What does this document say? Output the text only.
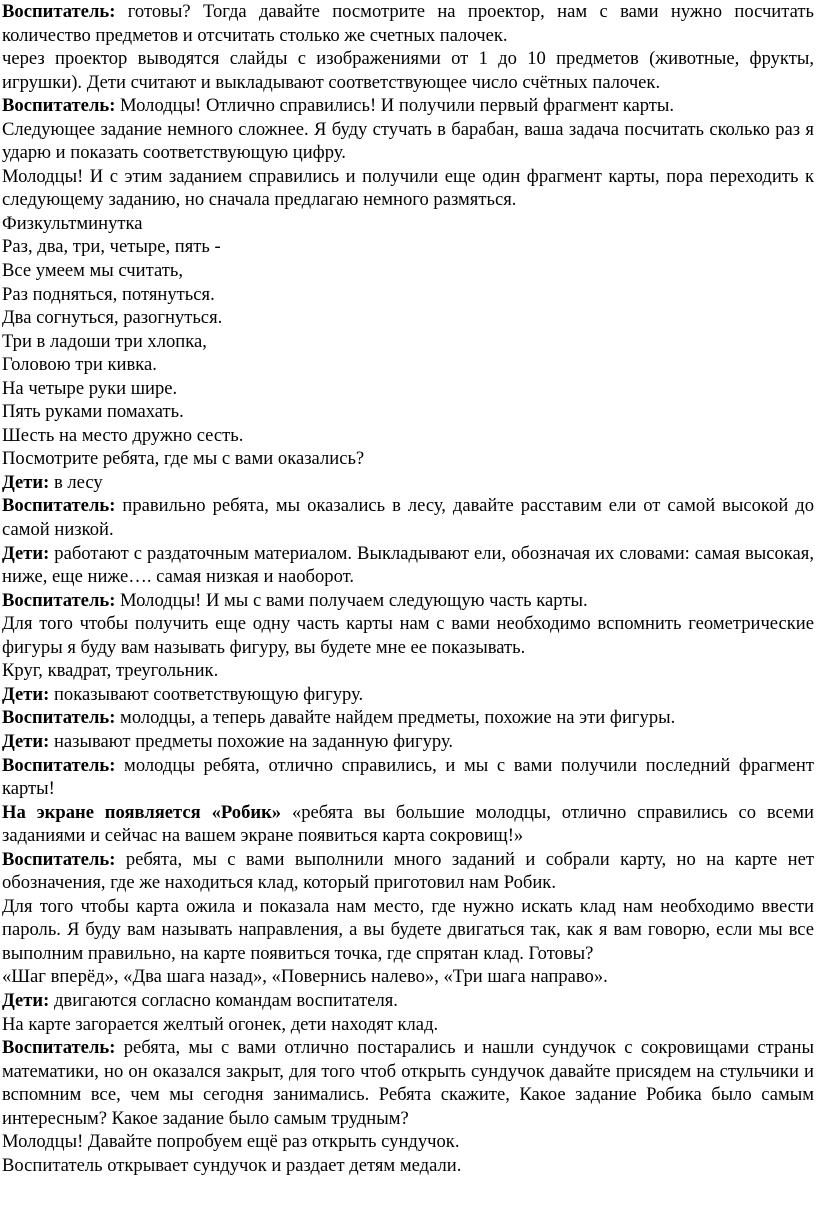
Воспитатель: готовы? Тогда давайте посмотрите на проектор, нам с вами нужно посчитать количество предметов и отсчитать столько же счетных палочек.

через проектор выводятся слайды с изображениями от 1 до 10 предметов (животные, фрукты, игрушки). Дети считают и выкладывают соответствующее число счётных палочек.

Воспитатель: Молодцы! Отлично справились! И получили первый фрагмент карты.

Следующее задание немного сложнее. Я буду стучать в барабан, ваша задача посчитать сколько раз я ударю и показать соответствующую цифру.

Молодцы! И с этим заданием справились и получили еще один фрагмент карты, пора переходить к следующему заданию, но сначала предлагаю немного размяться.

Физкультминутка

Раз, два, три, четыре, пять -

Все умеем мы считать,

Раз подняться, потянуться.

Два согнуться, разогнуться.

Три в ладоши три хлопка,

Головою три кивка.

На четыре руки шире.

Пять руками помахать.

Шесть на место дружно сесть.

Посмотрите ребята, где мы с вами оказались?

Дети: в лесу

Воспитатель: правильно ребята, мы оказались в лесу, давайте расставим ели от самой высокой до самой низкой.

Дети: работают с раздаточным материалом. Выкладывают ели, обозначая их словами: самая высокая, ниже, еще ниже…. самая низкая и наоборот.

Воспитатель: Молодцы! И мы с вами получаем следующую часть карты.

Для того чтобы получить еще одну часть карты нам с вами необходимо вспомнить геометрические фигуры я буду вам называть фигуру, вы будете мне ее показывать.

Круг, квадрат, треугольник.

Дети: показывают соответствующую фигуру.

Воспитатель: молодцы, а теперь давайте найдем предметы, похожие на эти фигуры.

Дети: называют предметы похожие на заданную фигуру.

Воспитатель: молодцы ребята, отлично справились, и мы с вами получили последний фрагмент карты!

На экране появляется «Робик» «ребята вы большие молодцы, отлично справились со всеми заданиями и сейчас на вашем экране появиться карта сокровищ!»

Воспитатель: ребята, мы с вами выполнили много заданий и собрали карту, но на карте нет обозначения, где же находиться клад, который приготовил нам Робик.

Для того чтобы карта ожила и показала нам место, где нужно искать клад нам необходимо ввести пароль. Я буду вам называть направления, а вы будете двигаться так, как я вам говорю, если мы все выполним правильно, на карте появиться точка, где спрятан клад. Готовы?

«Шаг вперёд», «Два шага назад», «Повернись налево», «Три шага направо».

Дети: двигаются согласно командам воспитателя.

На карте загорается желтый огонек, дети находят клад.

Воспитатель: ребята, мы с вами отлично постарались и нашли сундучок с сокровищами страны математики, но он оказался закрыт, для того чтоб открыть сундучок давайте присядем на стульчики и вспомним все, чем мы сегодня занимались. Ребята скажите, Какое задание Робика было самым интересным? Какое задание было самым трудным?

Молодцы! Давайте попробуем ещё раз открыть сундучок.

Воспитатель открывает сундучок и раздает детям медали.
